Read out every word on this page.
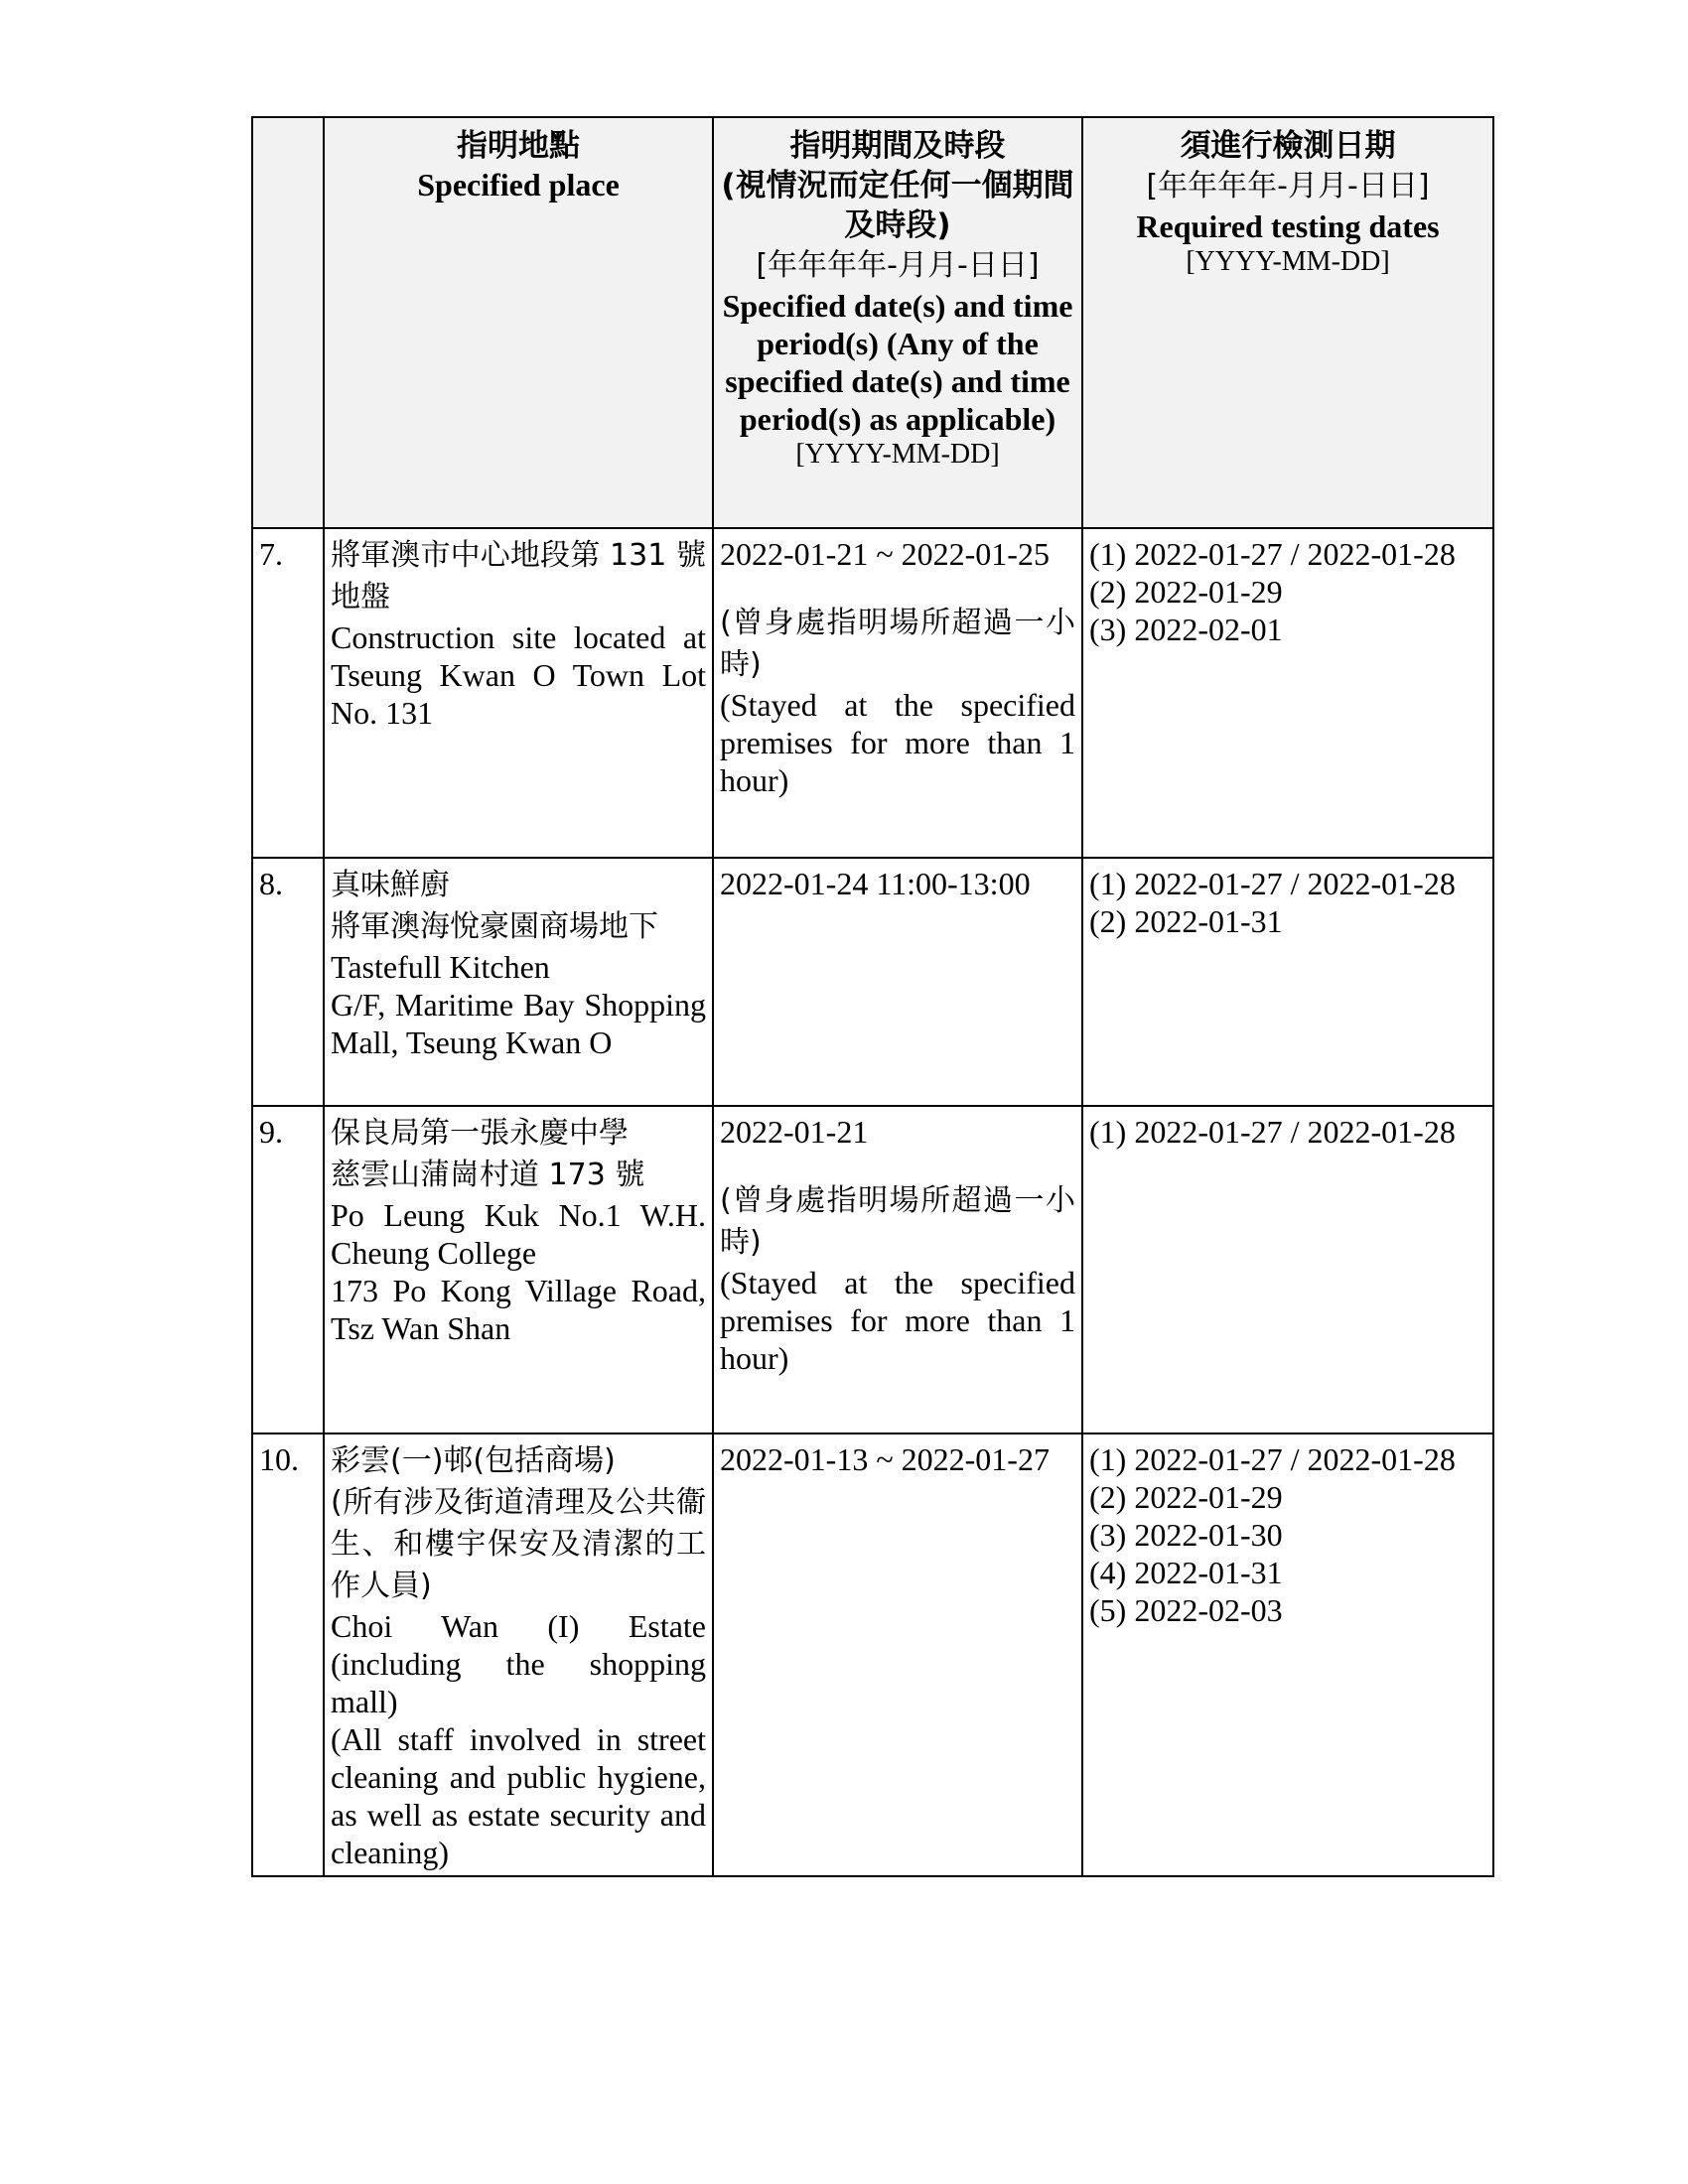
	指明地點
Specified place	指明期間及時段
(視情況而定任何一個期間及時段)
[年年年年-月月-日日]
Specified date(s) and time period(s) (Any of the specified date(s) and time period(s) as applicable)
[YYYY-MM-DD]	須進行檢測日期
[年年年年-月月-日日]
Required testing dates
[YYYY-MM-DD]

7.	將軍澳市中心地段第 131 號地盤
Construction site located at Tseung Kwan O Town Lot No. 131	2022-01-21 ~ 2022-01-25
(曾身處指明場所超過一小時)
(Stayed at the specified premises for more than 1 hour)	(1) 2022-01-27 / 2022-01-28
(2) 2022-01-29
(3) 2022-02-01

8.	真味鮮廚
將軍澳海悅豪園商場地下
Tastefull Kitchen
G/F, Maritime Bay Shopping Mall, Tseung Kwan O	2022-01-24 11:00-13:00	(1) 2022-01-27 / 2022-01-28
(2) 2022-01-31

9.	保良局第一張永慶中學
慈雲山蒲崗村道 173 號
Po Leung Kuk No.1 W.H. Cheung College
173 Po Kong Village Road, Tsz Wan Shan	2022-01-21
(曾身處指明場所超過一小時)
(Stayed at the specified premises for more than 1 hour)	(1) 2022-01-27 / 2022-01-28

10.	彩雲(一)邨(包括商場)
(所有涉及街道清理及公共衞生、和樓宇保安及清潔的工作人員)
Choi Wan (I) Estate (including the shopping mall)
(All staff involved in street cleaning and public hygiene, as well as estate security and cleaning)	2022-01-13 ~ 2022-01-27	(1) 2022-01-27 / 2022-01-28
(2) 2022-01-29
(3) 2022-01-30
(4) 2022-01-31
(5) 2022-02-03
